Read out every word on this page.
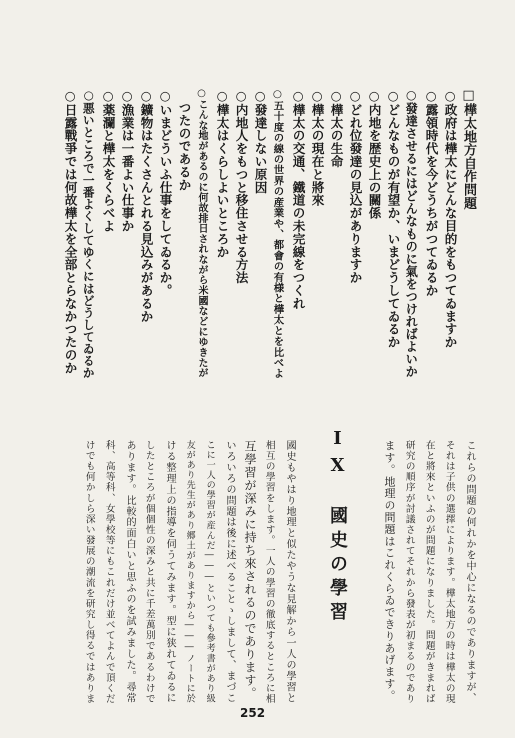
□樺太地方自作問題
○政府は樺太にどんな目的をもつてゐますか
○露領時代を今どうちがつてゐるか
○發達させるにはどんなものに氣をつければよいか
○どんなものが有望か、いまどうしてゐるか
○内地を歴史上の關係
○どれ位發達の見込がありますか
○樺太の生命
○樺太の現在と將來
○樺太の交通、鐵道の未完線をつくれ
○五十度の線の世界の産業や、都會の有様と樺太とを比べよ
○發達しない原因
○内地人をもつと移住させる方法
○樺太はくらしよいところか
○こんな地があるのに何故排日されながら米國などにゆきたが
　つたのであるか
○いまどういふ仕事をしてゐるか。
○鑛物はたくさんとれる見込みがあるか
○漁業は一番よい仕事か
○薬瀾と樺太をくらべよ
○悪いところで一番よくしてゆくにはどうしてゐるか
○日露戰爭では何故樺太を全部とらなかつたのか
これらの問題の何れかを中心になるのでありますが、
それは子供の選擇によります。樺太地方の時は樺太の現
在と將來といふのが問題になりました。問題がきまれば
研究の順序が討議されてそれから發表が初まるのであり
ます。地理の問題はこれくらゐできりあげます。
IX　國史の學習
國史もやはり地理と似たやうな見解から一人の學習と
相互の學習をします。一人の學習の徹底するところに相
互學習が深みに持ち來されるのであります。
いろいろの問題は後に述べることゝしまして、まづこ
こに一人の學習が産んだ―――といつても參考書があり級
友があり先生があり郷土がありますから―――ノートに於
ける整理上の指導を伺うてみます。型に狭れてゐるに
したところが個個性の深みと共に千差萬別であるわけで
あります。比較的面白いと思ふのを試みました。尋常
科、高等科、女學校等にもこれだけ並べてよんで頂くだ
けでも何かしら深い發展の潮流を研究し得るではありま
252
